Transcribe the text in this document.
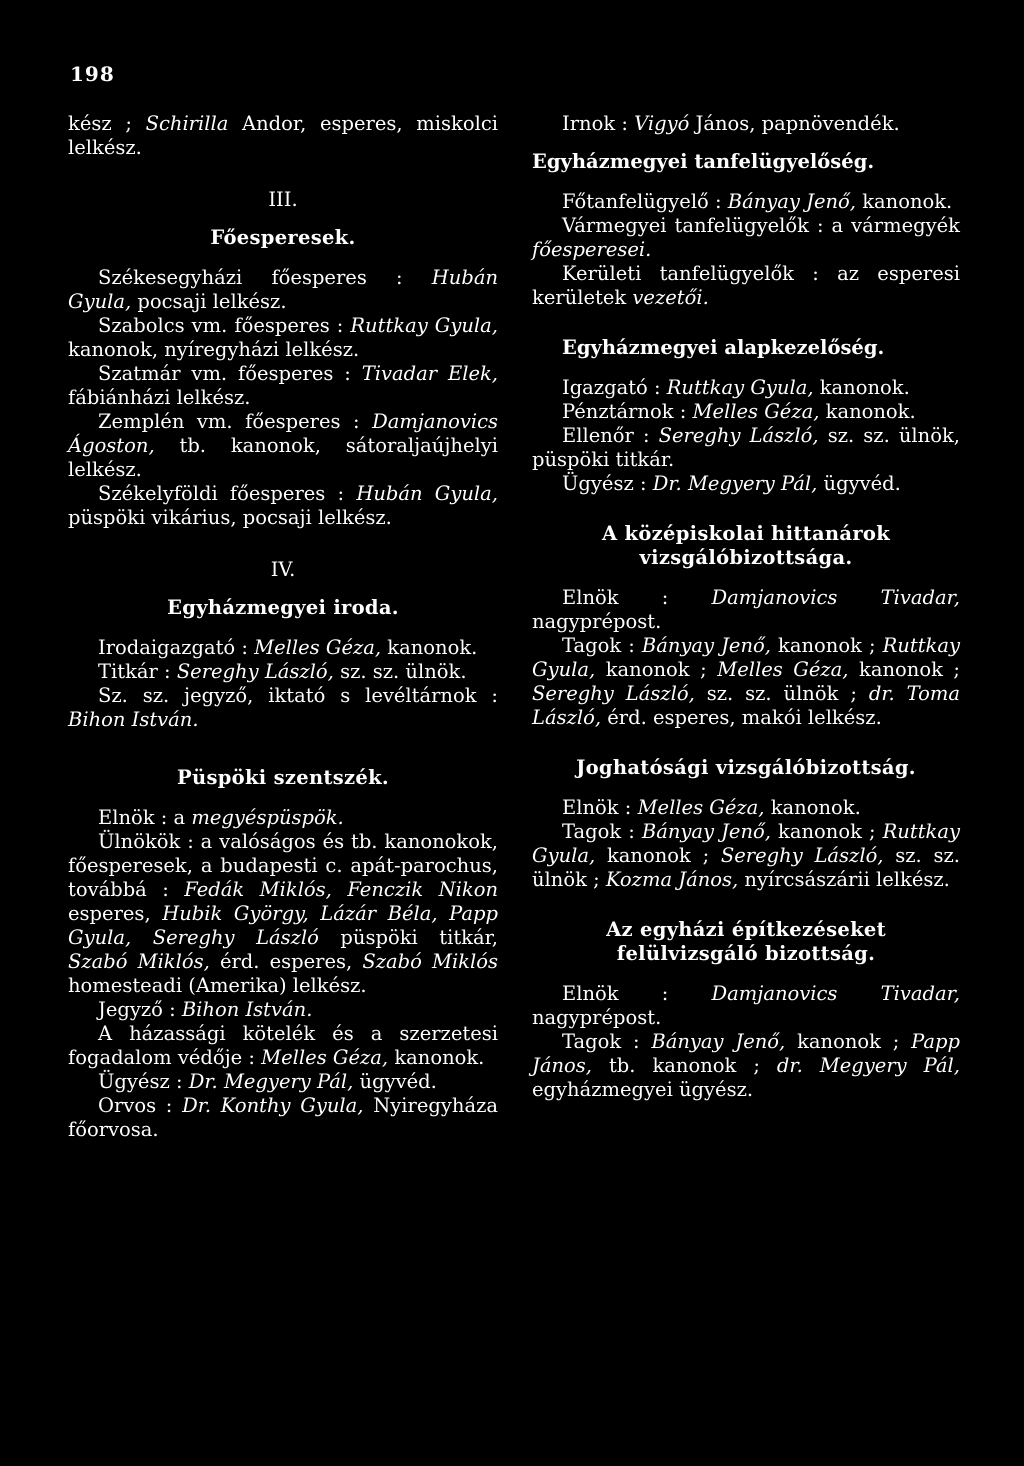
198

kész ; Schirilla Andor, esperes, miskolci lelkész.

III.
Főesperesek.

Székesegyházi főesperes : Hubán Gyula, pocsaji lelkész.

Szabolcs vm. főesperes : Ruttkay Gyula, kanonok, nyíregyházi lelkész.

Szatmár vm. főesperes : Tivadar Elek, fábiánházi lelkész.

Zemplén vm. főesperes : Damjanovics Ágoston, tb. kanonok, sátoraljaújhelyi lelkész.

Székelyföldi főesperes : Hubán Gyula, püspöki vikárius, pocsaji lelkész.

IV.
Egyházmegyei iroda.

Irodaigazgató : Melles Géza, kanonok.

Titkár : Sereghy László, sz. sz. ülnök.

Sz. sz. jegyző, iktató s levéltárnok : Bihon István.

Püspöki szentszék.

Elnök : a megyéspüspök.

Ülnökök : a valóságos és tb. kanonokok, főesperesek, a budapesti c. apát-parochus, továbbá : Fedák Miklós, Fenczik Nikon esperes, Hubik György, Lázár Béla, Papp Gyula, Sereghy László püspöki titkár, Szabó Miklós, érd. esperes, Szabó Miklós homesteadi (Amerika) lelkész.

Jegyző : Bihon István.

A házassági kötelék és a szerzetesi fogadalom védője : Melles Géza, kanonok.

Ügyész : Dr. Megyery Pál, ügyvéd.

Orvos : Dr. Konthy Gyula, Nyiregyháza főorvosa.

Irnok : Vigyó János, papnövendék.

Egyházmegyei tanfelügyelőség.

Főtanfelügyelő : Bányay Jenő, kanonok.

Vármegyei tanfelügyelők : a vármegyék főesperesei.

Kerületi tanfelügyelők : az esperesi kerületek vezetői.

Egyházmegyei alapkezelőség.

Igazgató : Ruttkay Gyula, kanonok.

Pénztárnok : Melles Géza, kanonok.

Ellenőr : Sereghy László, sz. sz. ülnök, püspöki titkár.

Ügyész : Dr. Megyery Pál, ügyvéd.

A középiskolai hittanárok vizsgálóbizottsága.

Elnök : Damjanovics Tivadar, nagyprépost.

Tagok : Bányay Jenő, kanonok ; Ruttkay Gyula, kanonok ; Melles Géza, kanonok ; Sereghy László, sz. sz. ülnök ; dr. Toma László, érd. esperes, makói lelkész.

Joghatósági vizsgálóbizottság.

Elnök : Melles Géza, kanonok.

Tagok : Bányay Jenő, kanonok ; Ruttkay Gyula, kanonok ; Sereghy László, sz. sz. ülnök ; Kozma János, nyírcsászárii lelkész.

Az egyházi építkezéseket felülvizsgáló bizottság.

Elnök : Damjanovics Tivadar, nagyprépost.

Tagok : Bányay Jenő, kanonok ; Papp János, tb. kanonok ; dr. Megyery Pál, egyházmegyei ügyész.
